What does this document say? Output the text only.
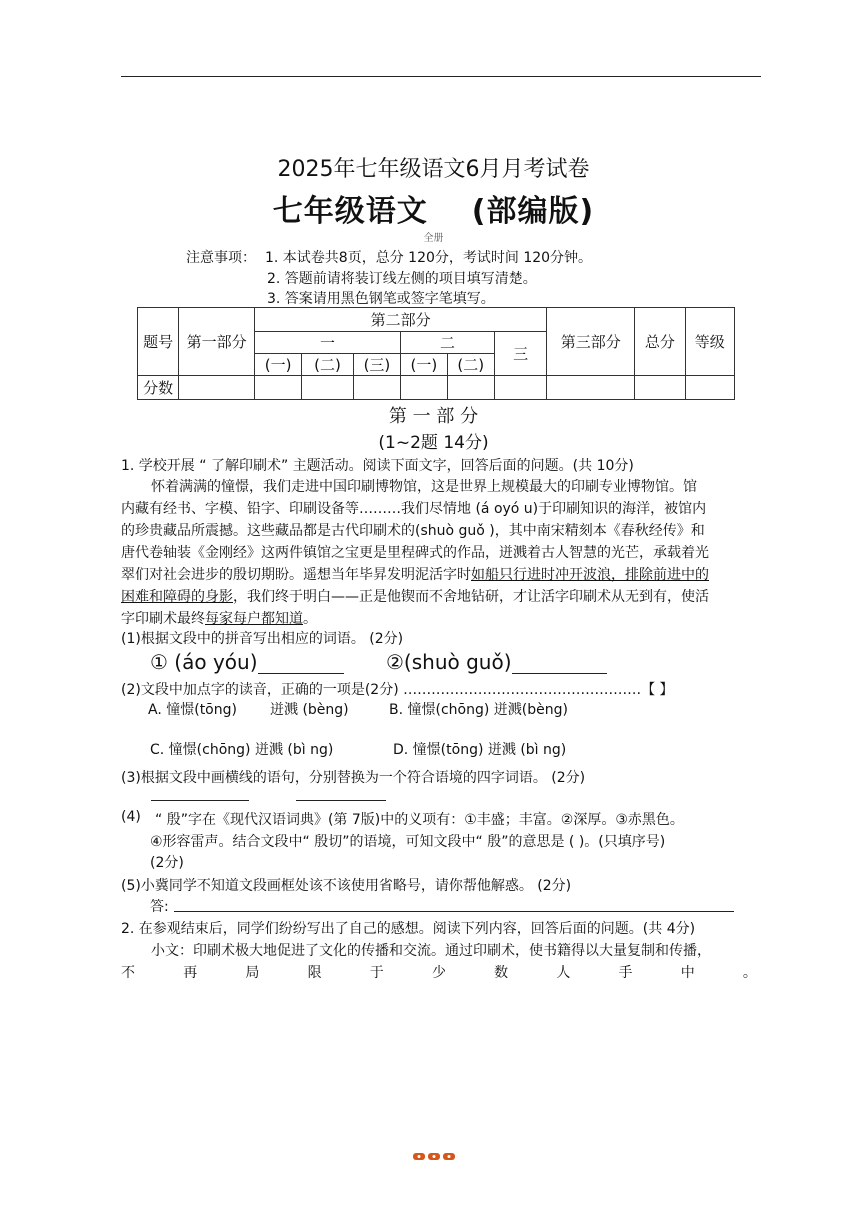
2025年七年级语文6月月考试卷
七年级语文 (部编版)
全册
注意事项： 1. 本试卷共8页，总分 120分，考试时间 120分钟。
2. 答题前请将装订线左侧的项目填写清楚。
3. 答案请用黑色钢笔或签字笔填写。
题号	第一部分	第二部分						第三部分	总分	等级
		一			二		三			
		(一)	(二)	(三)	(一)	(二)				
分数										
第 一 部 分
(1~2题 14分)
1. 学校开展 “ 了解印刷术” 主题活动。阅读下面文字，回答后面的问题。(共 10分)
怀着满满的憧憬，我们走进中国印刷博物馆，这是世界上规模最大的印刷专业博物馆。馆
内藏有经书、字模、铅字、印刷设备等………我们尽情地 (á oyó u)于印刷知识的海洋，被馆内
的珍贵藏品所震撼。这些藏品都是古代印刷术的(shuò guǒ )，其中南宋精刻本《春秋经传》和
唐代卷轴装《金刚经》这两件镇馆之宝更是里程碑式的作品，迸溅着古人智慧的光芒，承载着光
翠们对社会进步的殷切期盼。遥想当年毕昇发明泥活字时如船只行进时冲开波浪，排除前进中的
困难和障碍的身影，我们终于明白——正是他锲而不舍地钻研，才让活字印刷术从无到有，使活
字印刷术最终每家每户都知道。
(1)根据文段中的拼音写出相应的词语。 (2分)
① (áo yóu)	②(shuò guǒ)
(2)文段中加点字的读音，正确的一项是(2分) ……………………………………………【 】
A. 憧憬(tōng) 迸溅 (bèng)	B. 憧憬(chōng) 迸溅(bèng)
C. 憧憬(chōng) 迸溅 (bì ng)	D. 憧憬(tōng) 迸溅 (bì ng)
(3)根据文段中画横线的语句，分别替换为一个符合语境的四字词语。 (2分)
(4) “ 殷”字在《现代汉语词典》(第 7版)中的义项有：①丰盛；丰富。②深厚。③赤黑色。
④形容雷声。结合文段中“ 殷切”的语境，可知文段中“ 殷”的意思是 ( )。(只填序号)
(2分)
(5)小冀同学不知道文段画框处该不该使用省略号，请你帮他解惑。 (2分)
答:
2. 在参观结束后，同学们纷纷写出了自己的感想。阅读下列内容，回答后面的问题。(共 4分)
小文：印刷术极大地促进了文化的传播和交流。通过印刷术，使书籍得以大量复制和传播，
不	再	局	限	于	少	数	人	手	中	。
